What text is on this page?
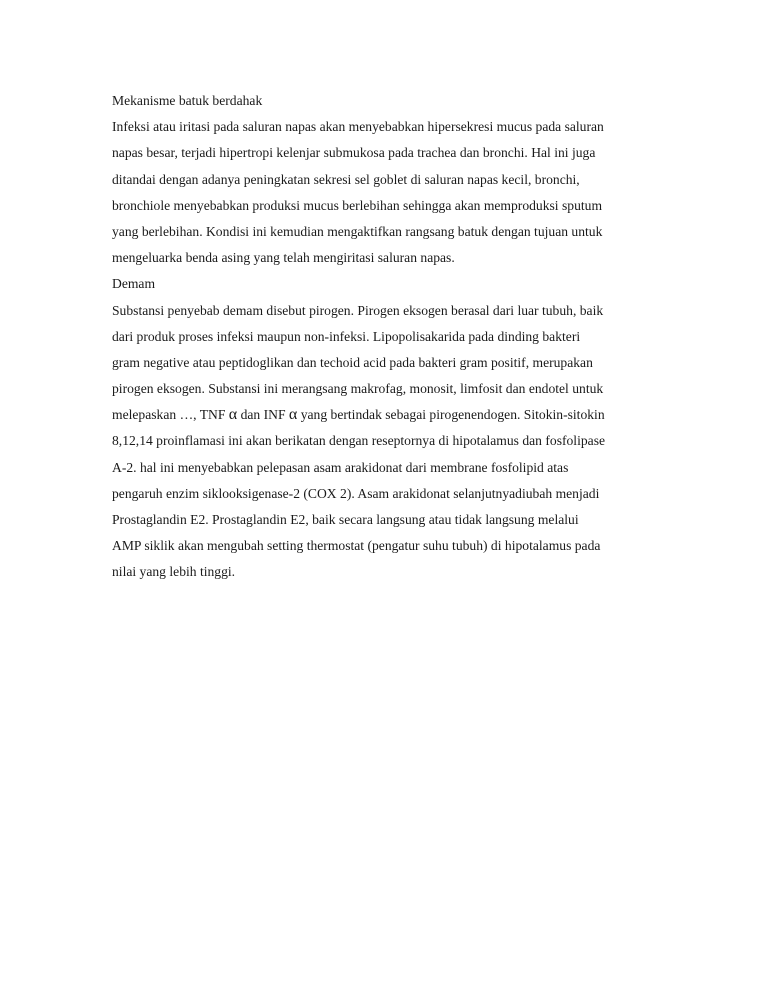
Mekanisme batuk berdahak
Infeksi atau iritasi pada saluran napas akan menyebabkan hipersekresi mucus pada saluran
napas besar, terjadi hipertropi kelenjar submukosa pada trachea dan bronchi. Hal ini juga
ditandai dengan adanya peningkatan sekresi sel goblet di saluran napas kecil, bronchi,
bronchiole menyebabkan produksi mucus berlebihan sehingga akan memproduksi sputum
yang berlebihan. Kondisi ini kemudian mengaktifkan rangsang batuk dengan tujuan untuk
mengeluarka benda asing yang telah mengiritasi saluran napas.
Demam
Substansi penyebab demam disebut pirogen. Pirogen eksogen berasal dari luar tubuh, baik
dari produk proses infeksi maupun non-infeksi. Lipopolisakarida pada dinding bakteri
gram negative atau peptidoglikan dan techoid acid pada bakteri gram positif, merupakan
pirogen eksogen. Substansi ini merangsang makrofag, monosit, limfosit dan endotel untuk
melepaskan …, TNF α dan INF α yang bertindak sebagai pirogenendogen. Sitokin-sitokin
8,12,14 proinflamasi ini akan berikatan dengan reseptornya di hipotalamus dan fosfolipase
A-2. hal ini menyebabkan pelepasan asam arakidonat dari membrane fosfolipid atas
pengaruh enzim siklooksigenase-2 (COX 2). Asam arakidonat selanjutnyadiubah menjadi
Prostaglandin E2. Prostaglandin E2, baik secara langsung atau tidak langsung melalui
AMP siklik akan mengubah setting thermostat (pengatur suhu tubuh) di hipotalamus pada
nilai yang lebih tinggi.
